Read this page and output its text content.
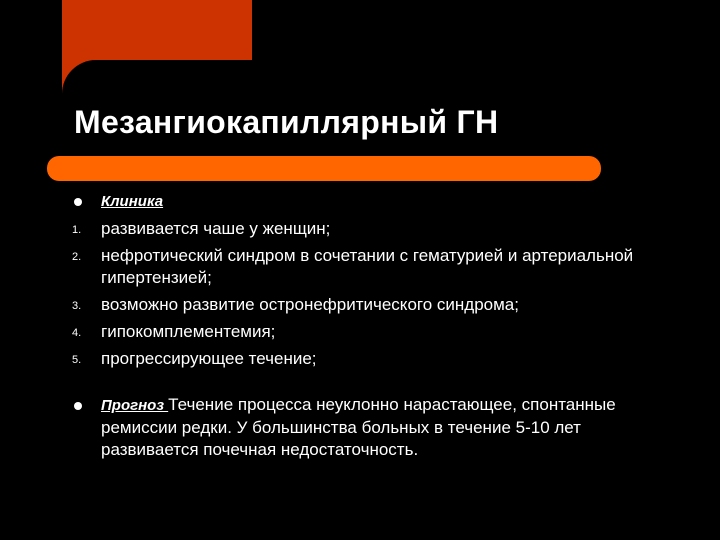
Мезангиокапиллярный ГН
Клиника
1. развивается чаше у женщин;
2. нефротический синдром в сочетании с гематурией и артериальной гипертензией;
3. возможно развитие остронефритического синдрома;
4. гипокомплементемия;
5. прогрессирующее течение;
Прогноз Течение процесса неуклонно нарастающее, спонтанные ремиссии редки. У большинства больных в течение 5-10 лет развивается почечная недостаточность.
